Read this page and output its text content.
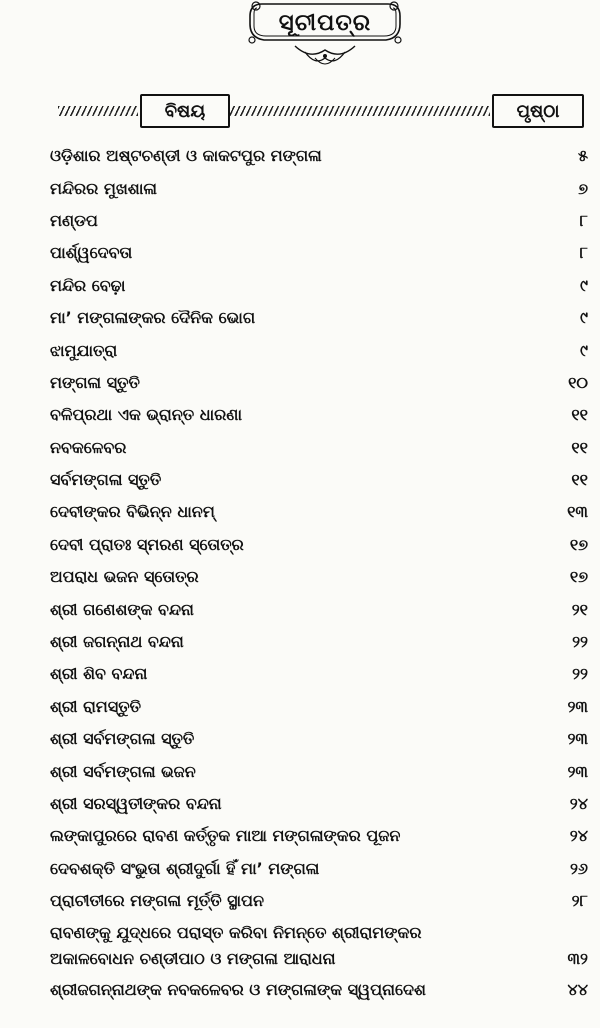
ସୂଚୀପତ୍ର
ବିଷୟ	ପୃଷ୍ଠା
ଓଡ଼ିଶାର ଅଷ୍ଟଚଣ୍ଡୀ ଓ କାକଟପୁର ମଙ୍ଗଳା	୫
ମନ୍ଦିରର ମୁଖଶାଳା	୭
ମଣ୍ଡପ	୮
ପାର୍ଶ୍ୱଦେବତା	୮
ମନ୍ଦିର ବେଢ଼ା	୯
ମା’ ମଙ୍ଗଳାଙ୍କର ଦୈନିକ ଭୋଗ	୯
ଝାମୁଯାତ୍ରା	୯
ମଙ୍ଗଳା ସ୍ତୁତି	୧୦
ବଳିପ୍ରଥା ଏକ ଭ୍ରାନ୍ତ ଧାରଣା	୧୧
ନବକଳେବର	୧୧
ସର୍ବମଙ୍ଗଳା ସ୍ତୁତି	୧୧
ଦେବୀଙ୍କର ବିଭିନ୍ନ ଧାନମ୍	୧୩
ଦେବୀ ପ୍ରାତଃ ସ୍ମରଣ ସ୍ତୋତ୍ର	୧୭
ଅପରାଧ ଭଜନ ସ୍ତୋତ୍ର	୧୭
ଶ୍ରୀ ଗଣେଶଙ୍କ ବନ୍ଦନା	୨୧
ଶ୍ରୀ ଜଗନ୍ନାଥ ବନ୍ଦନା	୨୨
ଶ୍ରୀ ଶିବ ବନ୍ଦନା	୨୨
ଶ୍ରୀ ରାମସ୍ତୁତି	୨୩
ଶ୍ରୀ ସର୍ବମଙ୍ଗଳା ସ୍ତୁତି	୨୩
ଶ୍ରୀ ସର୍ବମଙ୍ଗଳା ଭଜନ	୨୩
ଶ୍ରୀ ସରସ୍ୱତୀଙ୍କର ବନ୍ଦନା	୨୪
ଲଙ୍କାପୁରରେ ରାବଣ କର୍ତ୍ତୃକ ମାଆ ମଙ୍ଗଳାଙ୍କର ପୂଜନ	୨୪
ଦେବଶକ୍ତି ସଂଭୁତା ଶ୍ରୀଦୁର୍ଗା ହିଁ ମା’ ମଙ୍ଗଳା	୨୬
ପ୍ରାଚୀତୀରେ ମଙ୍ଗଳା ମୂର୍ତ୍ତି ସ୍ଥାପନ	୨୮
ରାବଣଙ୍କୁ ଯୁଦ୍ଧରେ ପରାସ୍ତ କରିବା ନିମନ୍ତେ ଶ୍ରୀରାମଙ୍କର
ଅକାଳବୋଧନ ଚଣ୍ଡୀପାଠ ଓ ମଙ୍ଗଳା ଆରାଧନା	୩୨
ଶ୍ରୀଜଗନ୍ନାଥଙ୍କ ନବକଳେବର ଓ ମଙ୍ଗଳାଙ୍କ ସ୍ୱପ୍ନାଦେଶ	୪୪
